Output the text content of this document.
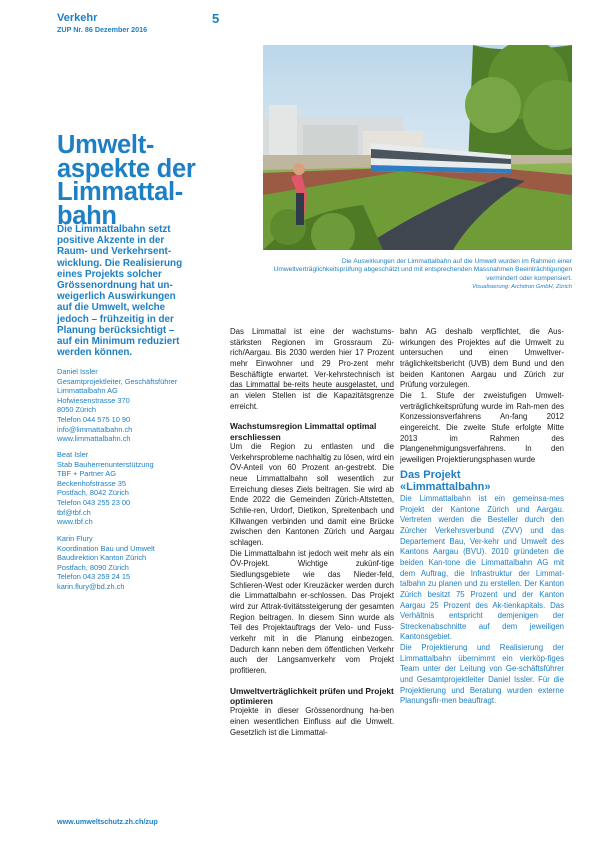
Verkehr
ZUP Nr. 86 Dezember 2016
5
Die Auswirkungen der Limmattalbahn auf die Umwelt wurden im Rahmen einer Umweltverträglichkeitsprüfung abgeschätzt und mit entsprechenden Massnahmen Beeinträchtigungen vermindert oder kompensiert.
Visualisierung: Architron GmbH, Zürich
Umwelt-
aspekte der
Limmattal-
bahn
Die Limmattalbahn setzt
positive Akzente in der
Raum- und Verkehrsent-
wicklung. Die Realisierung
eines Projekts solcher
Grössenordnung hat un-
weigerlich Auswirkungen
auf die Umwelt, welche
jedoch – frühzeitig in der
Planung berücksichtigt –
auf ein Minimum reduziert
werden können.
Daniel Issler
Gesamtprojektleiter, Geschäftsführer
Limmattalbahn AG
Hofwiesenstrasse 370
8050 Zürich
Telefon 044 575 10 90
info@limmattalbahn.ch
www.limmattalbahn.ch
Beat Isler
Stab Bauherrenunterstützung
TBF + Partner AG
Beckenhofstrasse 35
Postfach, 8042 Zürich
Telefon 043 255 23 00
tbf@tbf.ch
www.tbf.ch
Karin Flury
Koordination Bau und Umwelt
Baudirektion Kanton Zürich
Postfach, 8090 Zürich
Telefon 043 259 24 15
karin.flury@bd.zh.ch

Das Limmattal ist eine der wachstums-stärksten Regionen im Grossraum Zü-rich/Aargau. Bis 2030 werden hier 17 Prozent mehr Einwohner und 29 Pro-zent mehr Beschäftigte erwartet. Ver-kehrstechnisch ist das Limmattal be-reits heute ausgelastet, und an vielen Stellen ist die Kapazitätsgrenze erreicht.

Wachstumsregion Limmattal optimal erschliessen

Um die Region zu entlasten und die Verkehrsprobleme nachhaltig zu lösen, wird ein ÖV-Anteil von 60 Prozent an-gestrebt. Die neue Limmattalbahn soll wesentlich zur Erreichung dieses Ziels beitragen. Sie wird ab Ende 2022 die Gemeinden Zürich-Altstetten, Schlie-ren, Urdorf, Dietikon, Spreitenbach und Killwangen verbinden und damit eine Brücke zwischen den Kantonen Zürich und Aargau schlagen.

Die Limmattalbahn ist jedoch weit mehr als ein ÖV-Projekt. Wichtige zukünf-tige Siedlungsgebiete wie das Nieder-feld, Schlieren-West oder Kreuzäcker werden durch die Limmattalbahn er-schlossen. Das Projekt wird zur Attrak-tivitätssteigerung der gesamten Region beitragen. In diesem Sinn wurde als Teil des Projektauftrags der Velo- und Fuss-verkehr mit in die Planung einbezogen. Dadurch kann neben dem öffentlichen Verkehr auch der Langsamverkehr vom Projekt profitieren.

Umweltverträglichkeit prüfen und Projekt optimieren

Projekte in dieser Grössenordnung ha-ben einen wesentlichen Einfluss auf die Umwelt. Gesetzlich ist die Limmattal-

bahn AG deshalb verpflichtet, die Aus-wirkungen des Projektes auf die Umwelt zu untersuchen und einen Umweltver-träglichkeitsbericht (UVB) dem Bund und den beiden Kantonen Aargau und Zürich zur Prüfung vorzulegen.

Die 1. Stufe der zweistufigen Umwelt-verträglichkeitsprüfung wurde im Rah-men des Konzessionsverfahrens An-fang 2012 eingereicht. Die zweite Stufe erfolgte Mitte 2013 im Rahmen des Plangenehmigungsverfahrens. In den jeweiligen Projektierungsphasen wurde

Das Projekt
«Limmattalbahn»

Die Limmattalbahn ist ein gemeinsa-mes Projekt der Kantone Zürich und Aargau. Vertreten werden die Besteller durch den Zürcher Verkehrsverbund (ZVV) und das Departement Bau, Ver-kehr und Umwelt des Kantons Aargau (BVU). 2010 gründeten die beiden Kan-tone die Limmattalbahn AG mit dem Auftrag, die Infrastruktur der Limmat-talbahn zu planen und zu erstellen. Der Kanton Zürich besitzt 75 Prozent und der Kanton Aargau 25 Prozent des Ak-tienkapitals. Das Verhältnis entspricht demjenigen der Streckenabschnitte auf dem jeweiligen Kantonsgebiet.

Die Projektierung und Realisierung der Limmattalbahn übernimmt ein vierköp-figes Team unter der Leitung von Ge-schäftsführer und Gesamtprojektleiter Daniel Issler. Für die Projektierung und Beratung wurden externe Planungsfir-men beauftragt.

www.umweltschutz.zh.ch/zup
